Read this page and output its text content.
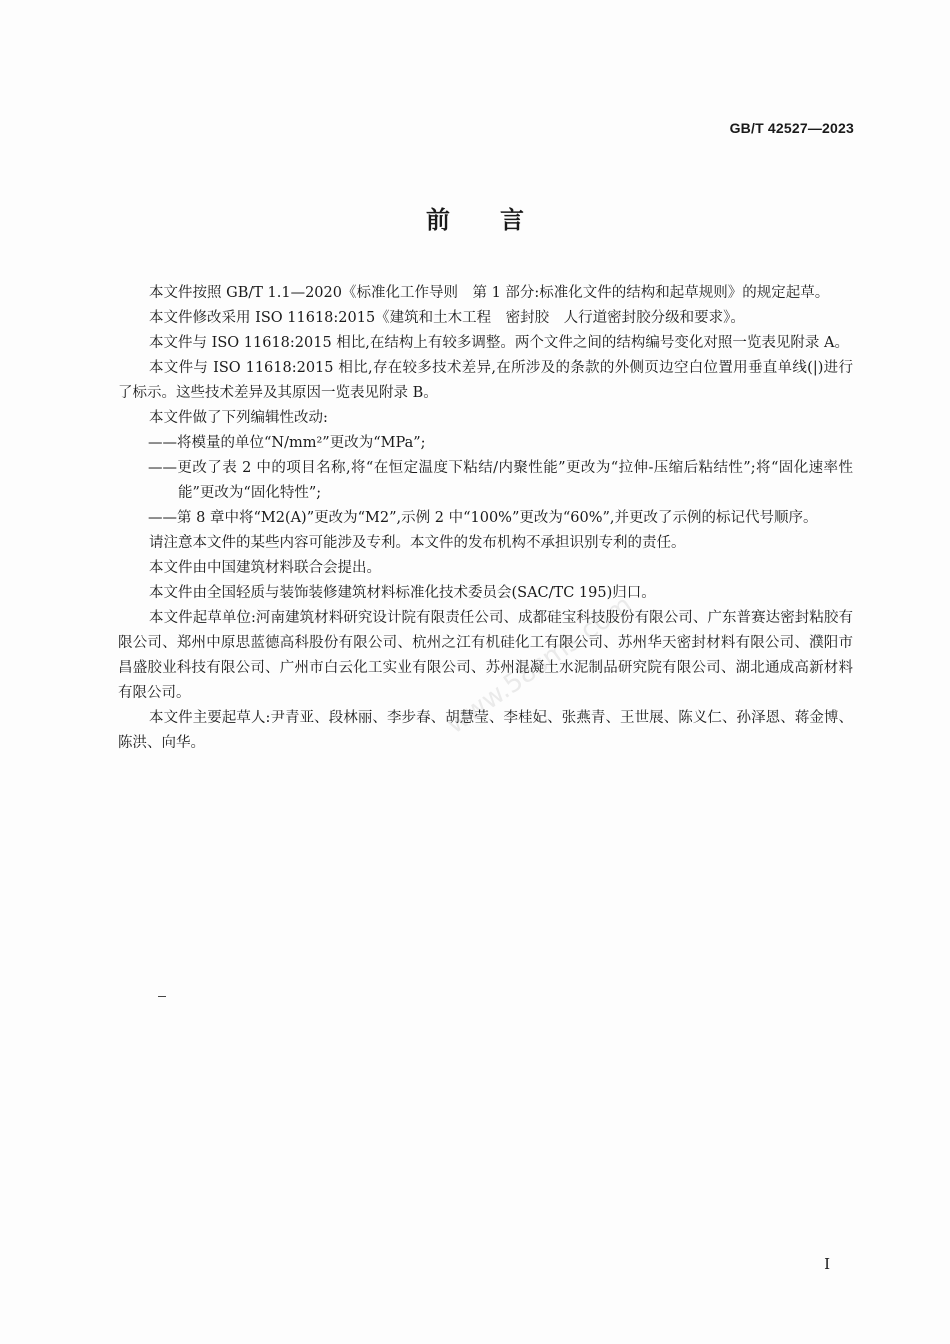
GB/T 42527—2023
前言
www.58sms.com

本文件按照 GB/T 1.1—2020《标准化工作导则　第 1 部分:标准化文件的结构和起草规则》的规定起草。

本文件修改采用 ISO 11618:2015《建筑和土木工程　密封胶　人行道密封胶分级和要求》。

本文件与 ISO 11618:2015 相比,在结构上有较多调整。两个文件之间的结构编号变化对照一览表见附录 A。

本文件与 ISO 11618:2015 相比,存在较多技术差异,在所涉及的条款的外侧页边空白位置用垂直单线(|)进行了标示。这些技术差异及其原因一览表见附录 B。

本文件做了下列编辑性改动:

——将模量的单位“N/mm²”更改为“MPa”;

——更改了表 2 中的项目名称,将“在恒定温度下粘结/内聚性能”更改为“拉伸-压缩后粘结性”;将“固化速率性能”更改为“固化特性”;

——第 8 章中将“M2(A)”更改为“M2”,示例 2 中“100%”更改为“60%”,并更改了示例的标记代号顺序。

请注意本文件的某些内容可能涉及专利。本文件的发布机构不承担识别专利的责任。

本文件由中国建筑材料联合会提出。

本文件由全国轻质与装饰装修建筑材料标准化技术委员会(SAC/TC 195)归口。

本文件起草单位:河南建筑材料研究设计院有限责任公司、成都硅宝科技股份有限公司、广东普赛达密封粘胶有限公司、郑州中原思蓝德高科股份有限公司、杭州之江有机硅化工有限公司、苏州华天密封材料有限公司、濮阳市昌盛胶业科技有限公司、广州市白云化工实业有限公司、苏州混凝土水泥制品研究院有限公司、湖北通成高新材料有限公司。

本文件主要起草人:尹青亚、段林丽、李步春、胡慧莹、李桂妃、张燕青、王世展、陈义仁、孙泽恩、蒋金博、陈洪、向华。

I
